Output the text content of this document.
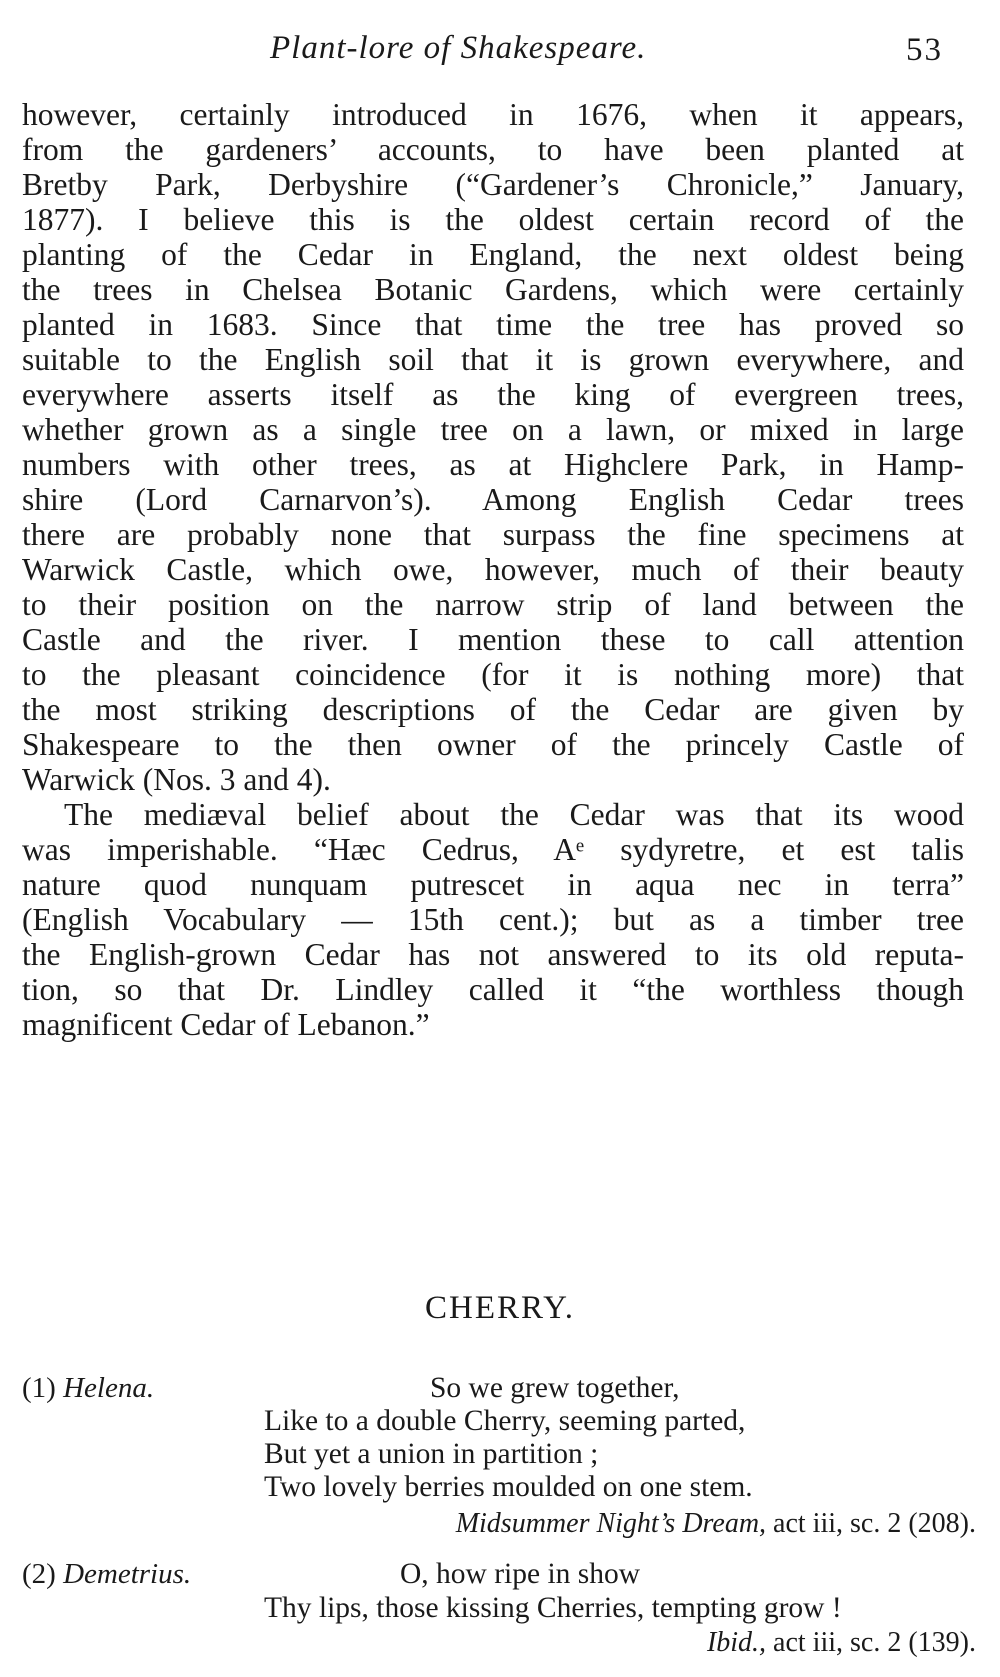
Plant-lore of Shakespeare.	53
however, certainly introduced in 1676, when it appears,
from the gardeners’ accounts, to have been planted at
Bretby Park, Derbyshire (“Gardener’s Chronicle,” January,
1877). I believe this is the oldest certain record of the
planting of the Cedar in England, the next oldest being
the trees in Chelsea Botanic Gardens, which were certainly
planted in 1683. Since that time the tree has proved so
suitable to the English soil that it is grown everywhere, and
everywhere asserts itself as the king of evergreen trees,
whether grown as a single tree on a lawn, or mixed in large
numbers with other trees, as at Highclere Park, in Hamp-
shire (Lord Carnarvon’s). Among English Cedar trees
there are probably none that surpass the fine specimens at
Warwick Castle, which owe, however, much of their beauty
to their position on the narrow strip of land between the
Castle and the river. I mention these to call attention
to the pleasant coincidence (for it is nothing more) that
the most striking descriptions of the Cedar are given by
Shakespeare to the then owner of the princely Castle of
Warwick (Nos. 3 and 4).
The mediæval belief about the Cedar was that its wood
was imperishable. “Hæc Cedrus, Aᵉ sydyretre, et est talis
nature quod nunquam putrescet in aqua nec in terra”
(English Vocabulary — 15th cent.); but as a timber tree
the English-grown Cedar has not answered to its old reputa-
tion, so that Dr. Lindley called it “the worthless though
magnificent Cedar of Lebanon.”
CHERRY.
(1) Helena.	So we grew together,
Like to a double Cherry, seeming parted,
But yet a union in partition ;
Two lovely berries moulded on one stem.
Midsummer Night’s Dream, act iii, sc. 2 (208).
(2) Demetrius.	O, how ripe in show
Thy lips, those kissing Cherries, tempting grow !
Ibid., act iii, sc. 2 (139).
